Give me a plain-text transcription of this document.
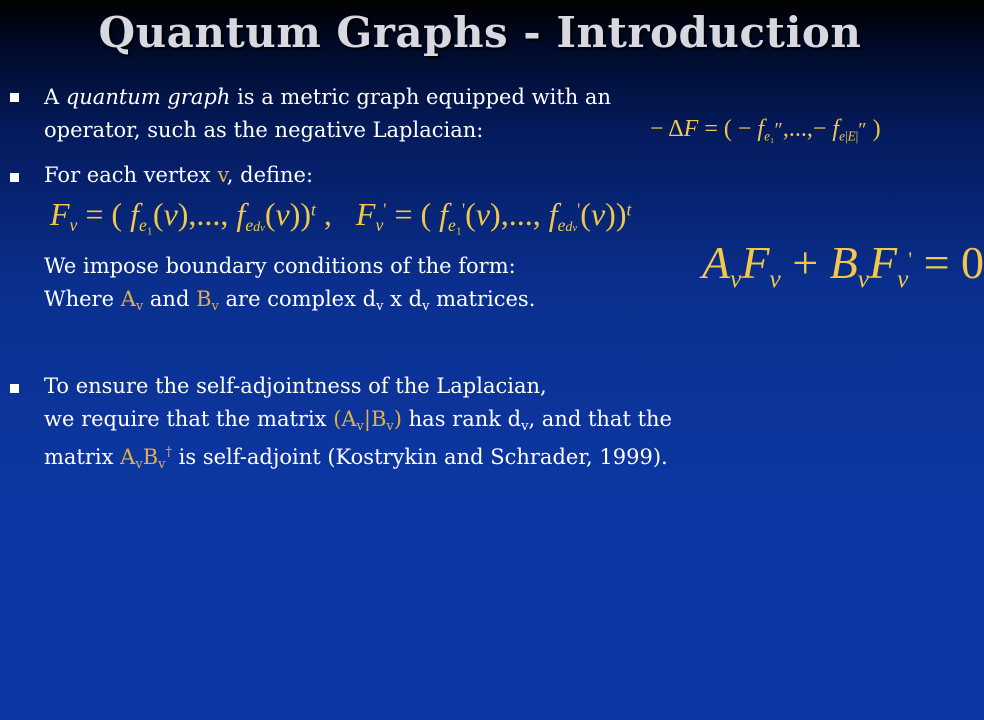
Quantum Graphs - Introduction
A quantum graph is a metric graph equipped with an
operator, such as the negative Laplacian:	− ΔF = ( − fe₁″,...,− fe|E|″ )
For each vertex v, define:
Fv = ( fe₁(v),..., fedv(v))$^t$ ,   Fv' = ( fe₁'(v),..., fedv'(v))$^t$
We impose boundary conditions of the form:
Where $A_v$ and $B_v$ are complex $d_v$ x $d_v$ matrices.
AvFv + BvFv' = 0
To ensure the self-adjointness of the Laplacian,
we require that the matrix $(A_v|B_v)$ has rank $d_v$, and that the
matrix $A_vB_v^\dagger$ is self-adjoint (Kostrykin and Schrader, 1999).
